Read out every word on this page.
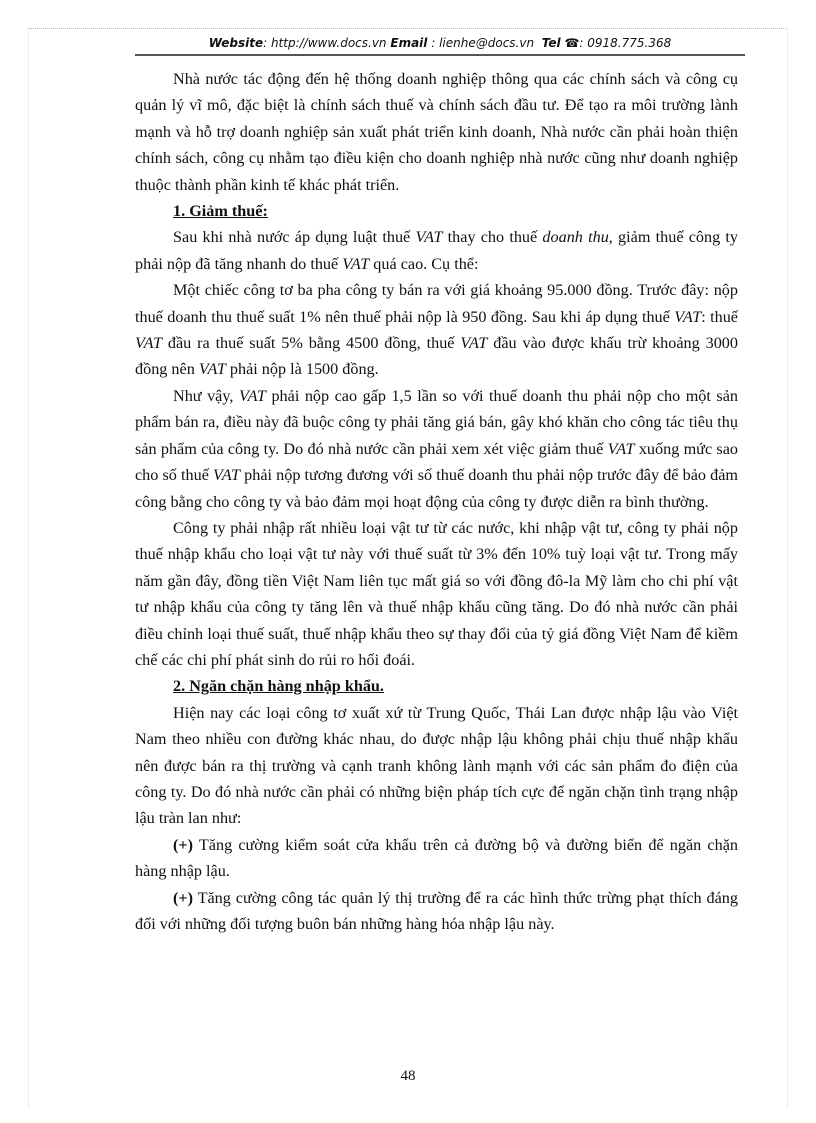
Website: http://www.docs.vn Email : lienhe@docs.vn Tel ☎: 0918.775.368

Nhà nước tác động đến hệ thống doanh nghiệp thông qua các chính sách và công cụ quản lý vĩ mô, đặc biệt là chính sách thuế và chính sách đầu tư. Để tạo ra môi trường lành mạnh và hỗ trợ doanh nghiệp sản xuất phát triển kinh doanh, Nhà nước cần phải hoàn thiện chính sách, công cụ nhằm tạo điều kiện cho doanh nghiệp nhà nước cũng như doanh nghiệp thuộc thành phần kinh tế khác phát triển.

1. Giảm thuế:

Sau khi nhà nước áp dụng luật thuế VAT thay cho thuế doanh thu, giảm thuế công ty phải nộp đã tăng nhanh do thuế VAT quá cao. Cụ thể:

Một chiếc công tơ ba pha công ty bán ra với giá khoảng 95.000 đồng. Trước đây: nộp thuế doanh thu thuế suất 1% nên thuế phải nộp là 950 đồng. Sau khi áp dụng thuế VAT: thuế VAT đầu ra thuế suất 5% bằng 4500 đồng, thuế VAT đầu vào được khấu trừ khoảng 3000 đồng nên VAT phải nộp là 1500 đồng.

Như vậy, VAT phải nộp cao gấp 1,5 lần so với thuế doanh thu phải nộp cho một sản phẩm bán ra, điều này đã buộc công ty phải tăng giá bán, gây khó khăn cho công tác tiêu thụ sản phẩm của công ty. Do đó nhà nước cần phải xem xét việc giảm thuế VAT xuống mức sao cho số thuế VAT phải nộp tương đương với số thuế doanh thu phải nộp trước đây để bảo đảm công bằng cho công ty và bảo đảm mọi hoạt động của công ty được diễn ra bình thường.

Công ty phải nhập rất nhiều loại vật tư từ các nước, khi nhập vật tư, công ty phải nộp thuế nhập khẩu cho loại vật tư này với thuế suất từ 3% đến 10% tuỳ loại vật tư. Trong mấy năm gần đây, đồng tiền Việt Nam liên tục mất giá so với đồng đô-la Mỹ làm cho chi phí vật tư nhập khẩu của công ty tăng lên và thuế nhập khẩu cũng tăng. Do đó nhà nước cần phải điều chỉnh loại thuế suất, thuế nhập khẩu theo sự thay đổi của tỷ giá đồng Việt Nam để kiềm chế các chi phí phát sinh do rủi ro hối đoái.

2. Ngăn chặn hàng nhập khẩu.

Hiện nay các loại công tơ xuất xứ từ Trung Quốc, Thái Lan được nhập lậu vào Việt Nam theo nhiều con đường khác nhau, do được nhập lậu không phải chịu thuế nhập khẩu nên được bán ra thị trường và cạnh tranh không lành mạnh với các sản phẩm đo điện của công ty. Do đó nhà nước cần phải có những biện pháp tích cực để ngăn chặn tình trạng nhập lậu tràn lan như:

(+) Tăng cường kiểm soát cửa khẩu trên cả đường bộ và đường biển để ngăn chặn hàng nhập lậu.

(+) Tăng cường công tác quản lý thị trường để ra các hình thức trừng phạt thích đáng đối với những đối tượng buôn bán những hàng hóa nhập lậu này.

48
